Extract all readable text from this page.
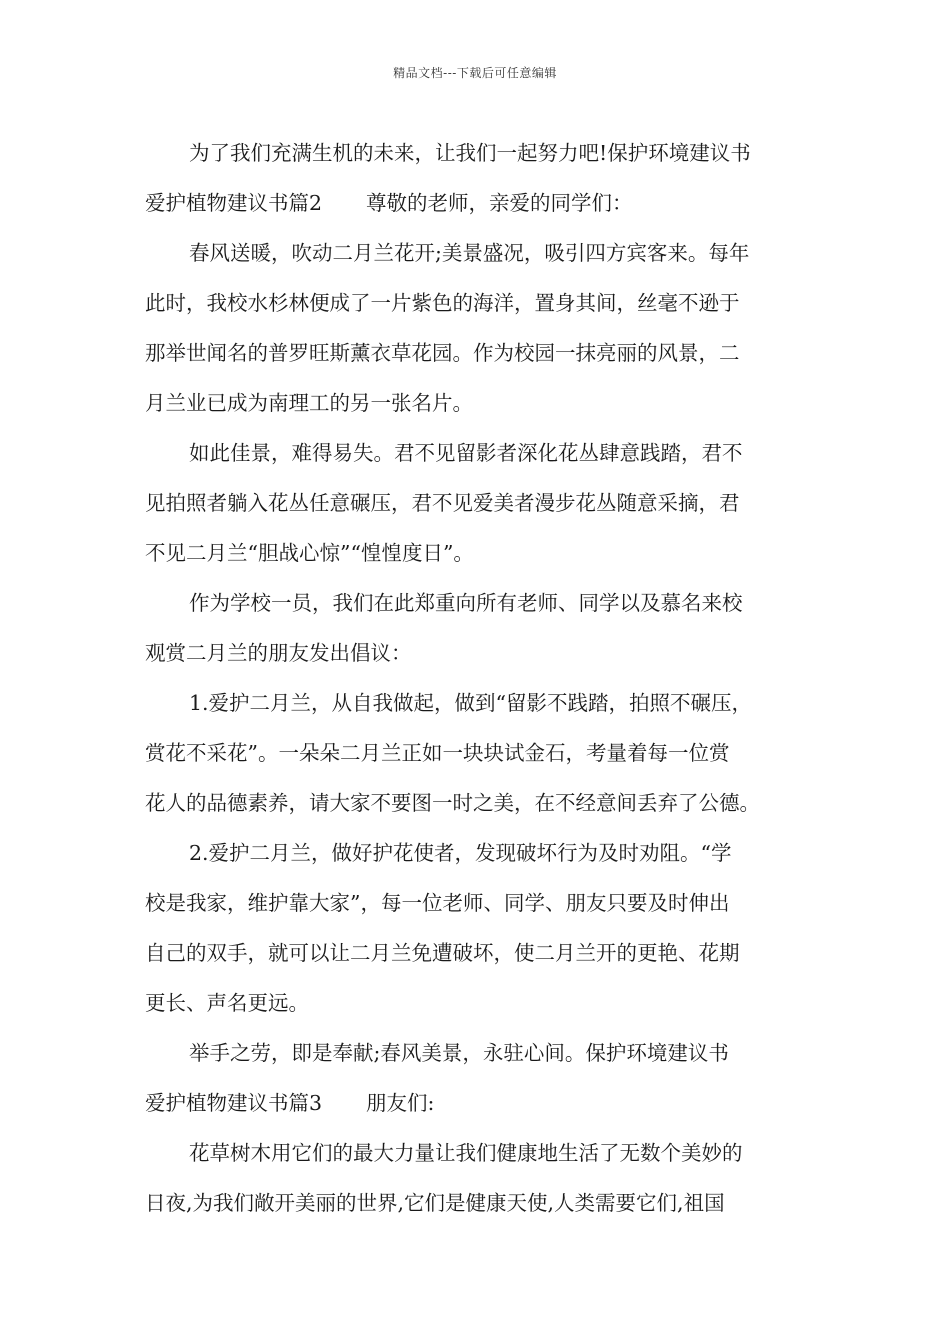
精品文档---下载后可任意编辑
为了我们充满生机的未来，让我们一起努力吧!保护环境建议书
爱护植物建议书篇2 尊敬的老师，亲爱的同学们：
春风送暖，吹动二月兰花开;美景盛况，吸引四方宾客来。每年
此时，我校水杉林便成了一片紫色的海洋，置身其间，丝毫不逊于
那举世闻名的普罗旺斯薰衣草花园。作为校园一抹亮丽的风景，二
月兰业已成为南理工的另一张名片。
如此佳景，难得易失。君不见留影者深化花丛肆意践踏，君不
见拍照者躺入花丛任意碾压，君不见爱美者漫步花丛随意采摘，君
不见二月兰“胆战心惊”“惶惶度日”。
作为学校一员，我们在此郑重向所有老师、同学以及慕名来校
观赏二月兰的朋友发出倡议：
1.爱护二月兰，从自我做起，做到“留影不践踏，拍照不碾压，
赏花不采花”。一朵朵二月兰正如一块块试金石，考量着每一位赏
花人的品德素养，请大家不要图一时之美，在不经意间丢弃了公德。
2.爱护二月兰，做好护花使者，发现破坏行为及时劝阻。“学
校是我家，维护靠大家”，每一位老师、同学、朋友只要及时伸出
自己的双手，就可以让二月兰免遭破坏，使二月兰开的更艳、花期
更长、声名更远。
举手之劳，即是奉献;春风美景，永驻心间。保护环境建议书
爱护植物建议书篇3 朋友们:
花草树木用它们的最大力量让我们健康地生活了无数个美妙的
日夜,为我们敞开美丽的世界,它们是健康天使,人类需要它们,祖国
